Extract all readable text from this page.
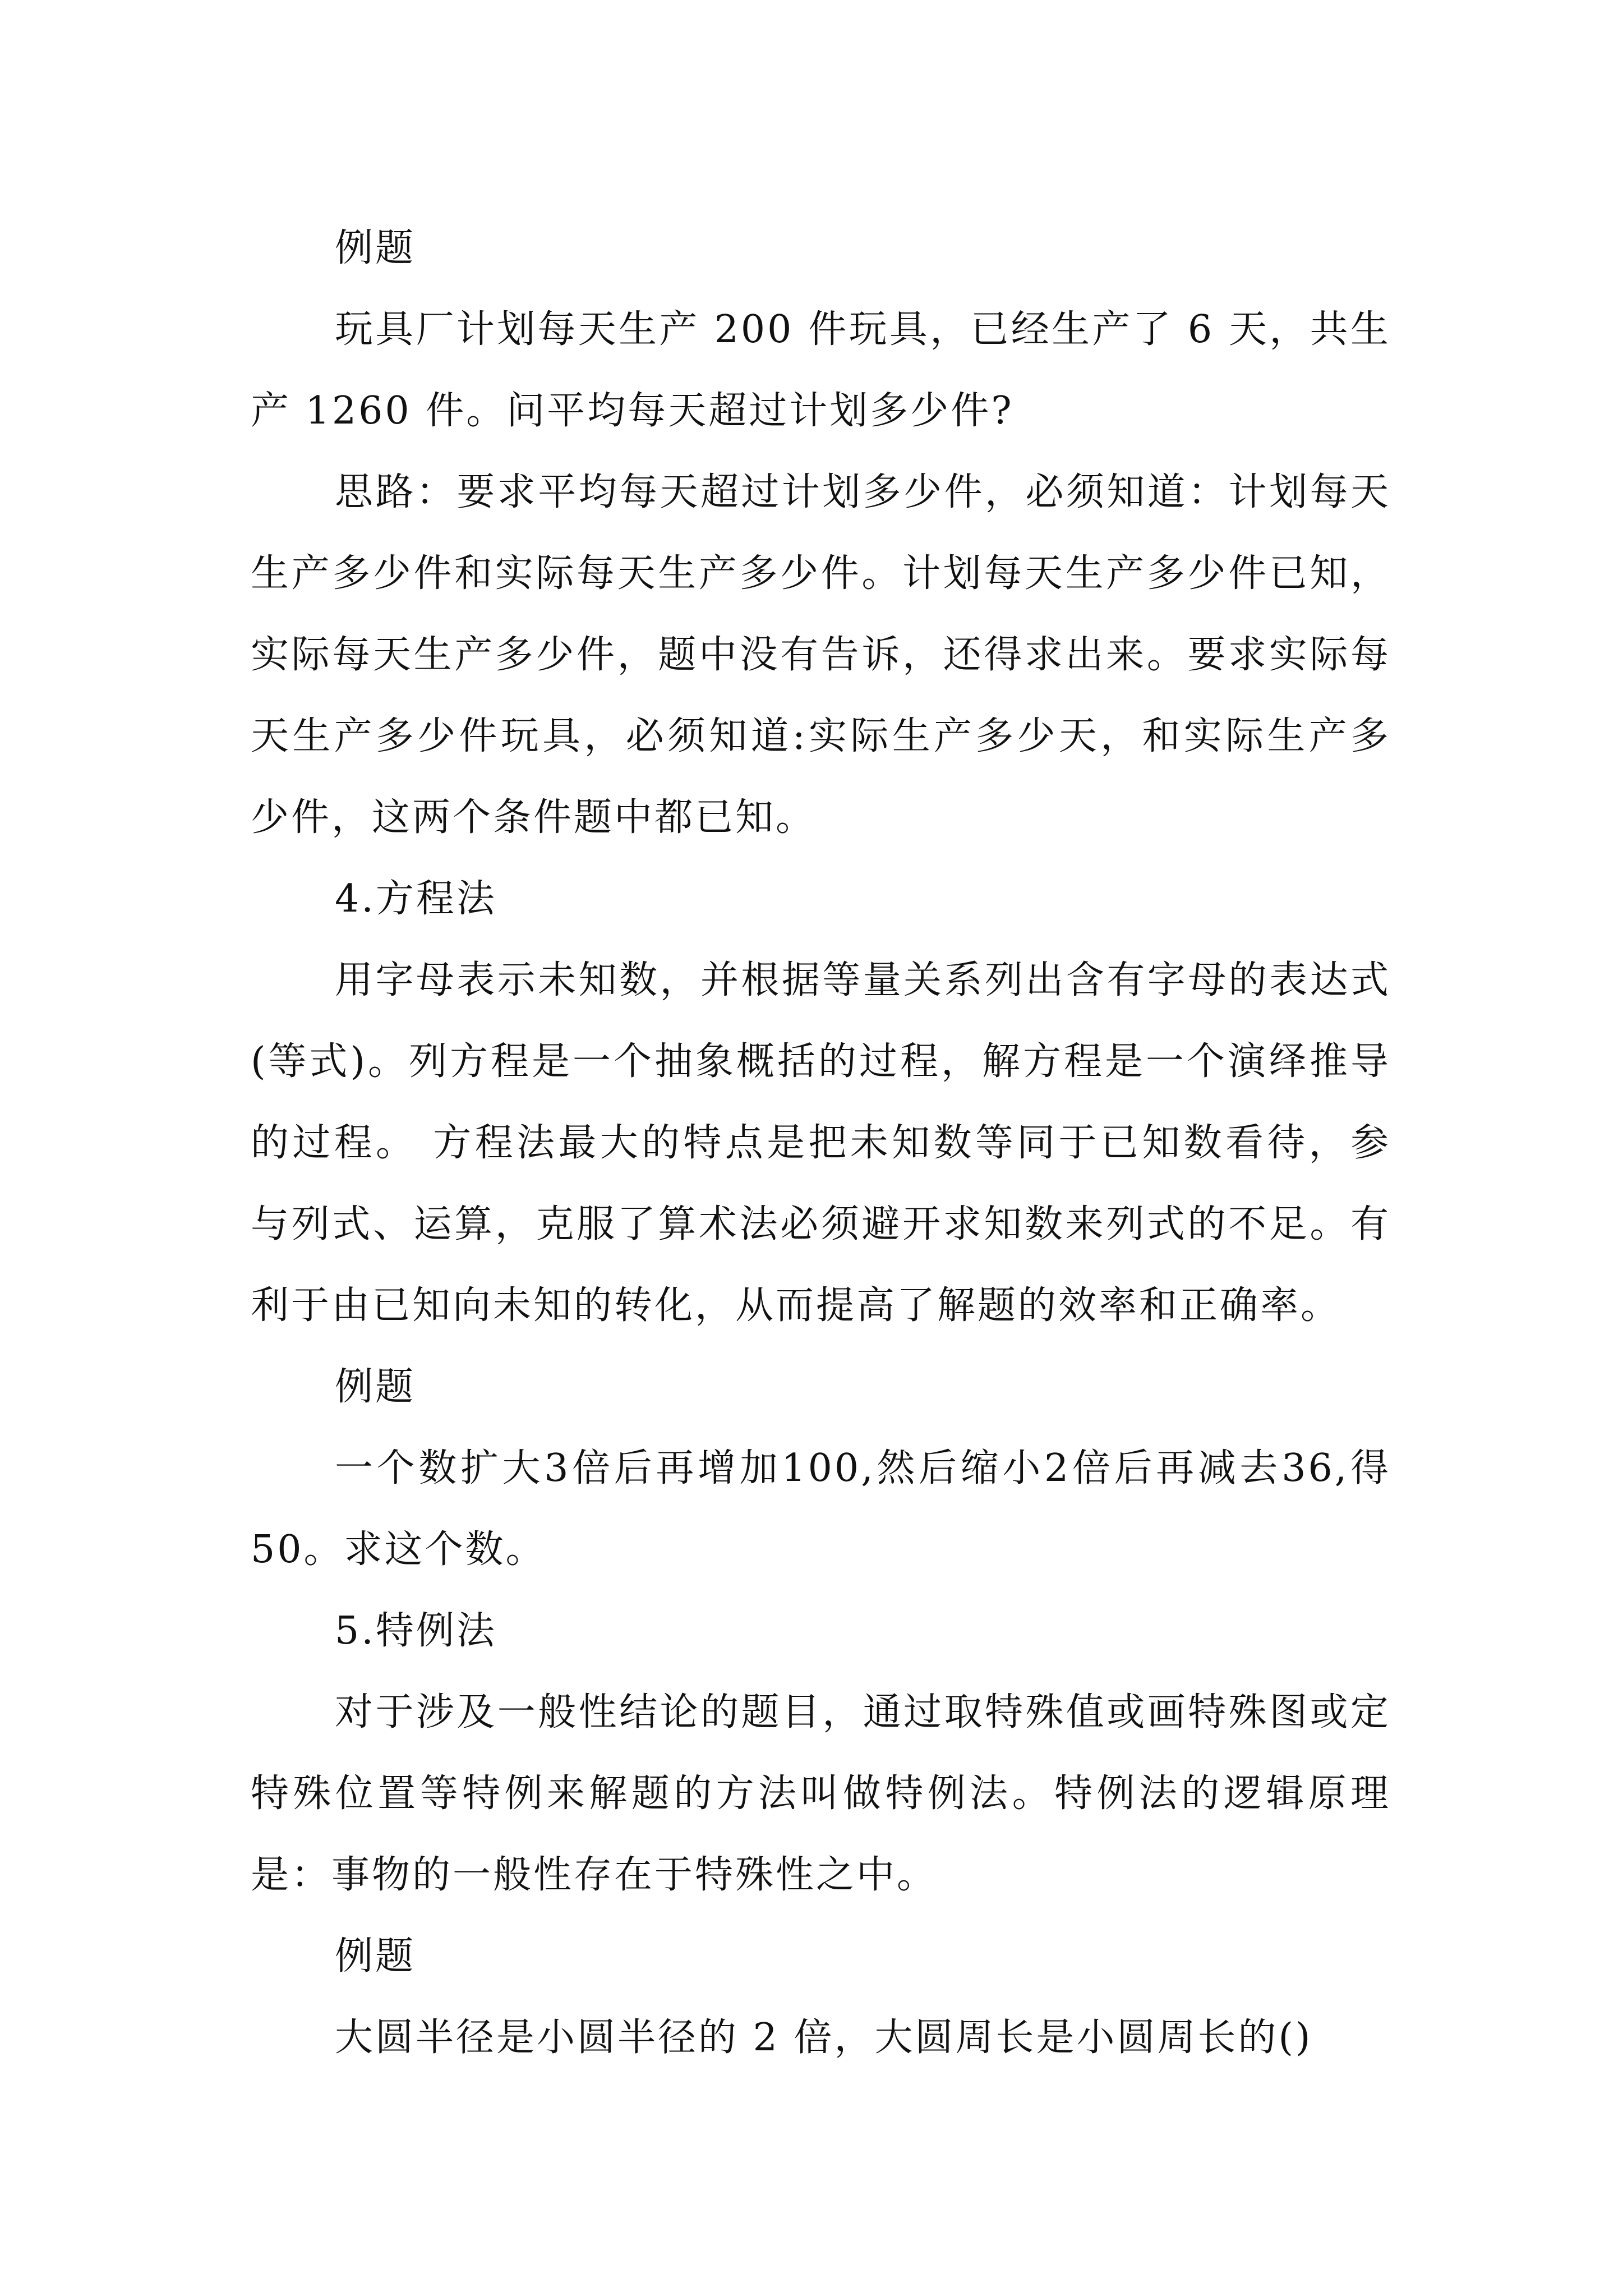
例题

玩具厂计划每天生产 200 件玩具，已经生产了 6 天，共生产 1260 件。问平均每天超过计划多少件?

思路：要求平均每天超过计划多少件，必须知道：计划每天生产多少件和实际每天生产多少件。计划每天生产多少件已知，实际每天生产多少件，题中没有告诉，还得求出来。要求实际每天生产多少件玩具，必须知道:实际生产多少天，和实际生产多少件，这两个条件题中都已知。

4.方程法

用字母表示未知数，并根据等量关系列出含有字母的表达式(等式)。列方程是一个抽象概括的过程，解方程是一个演绎推导的过程。 方程法最大的特点是把未知数等同于已知数看待，参与列式、运算，克服了算术法必须避开求知数来列式的不足。有利于由已知向未知的转化，从而提高了解题的效率和正确率。

例题

一个数扩大3倍后再增加100,然后缩小2倍后再减去36,得 50。求这个数。

5.特例法

对于涉及一般性结论的题目，通过取特殊值或画特殊图或定特殊位置等特例来解题的方法叫做特例法。特例法的逻辑原理是：事物的一般性存在于特殊性之中。

例题

大圆半径是小圆半径的 2 倍，大圆周长是小圆周长的()
